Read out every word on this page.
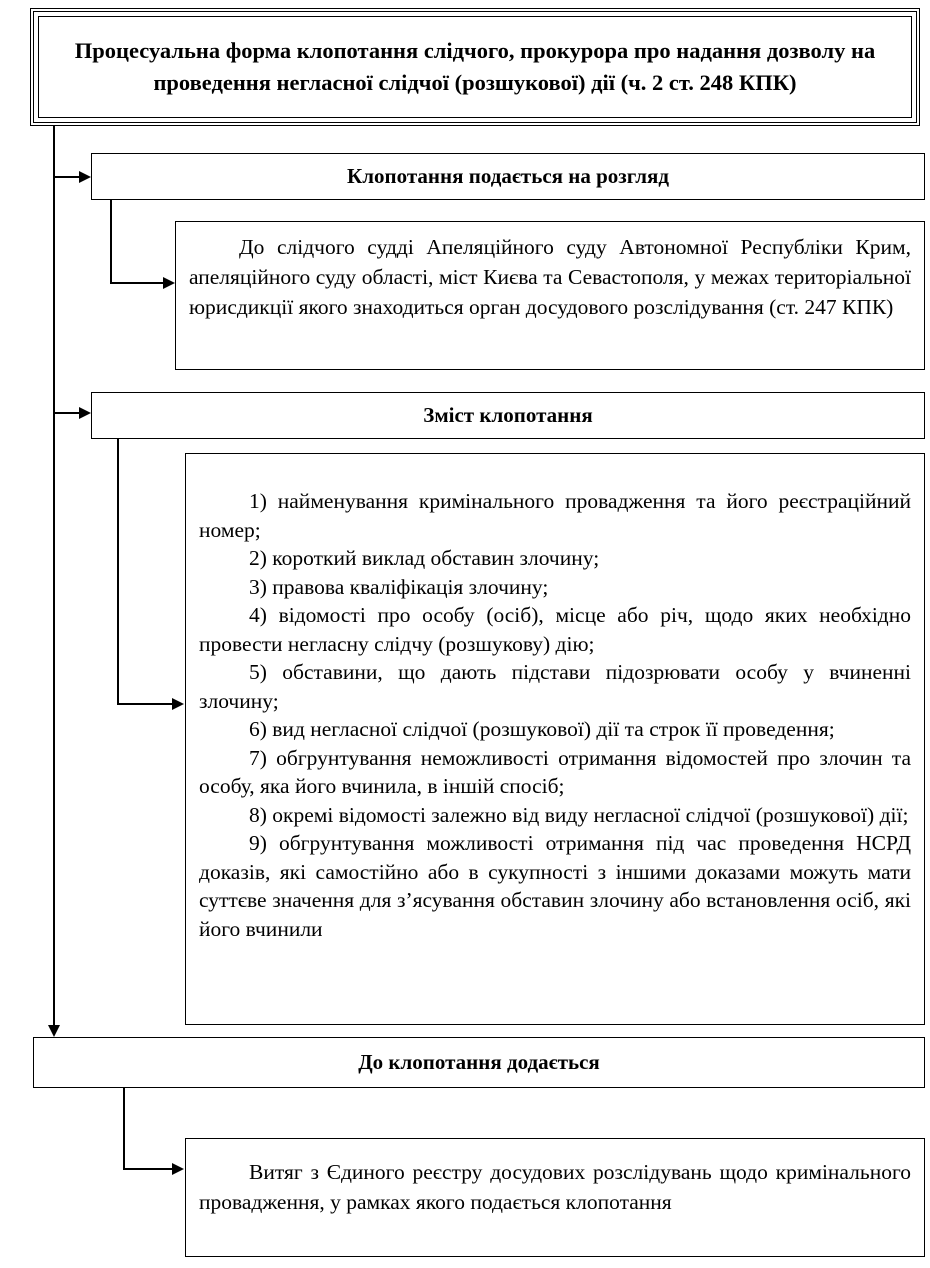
Процесуальна форма клопотання слідчого, прокурора про надання дозволу на проведення негласної слідчої (розшукової) дії (ч. 2 ст. 248 КПК)
Клопотання подається на розгляд

До слідчого судді Апеляційного суду Автономної Республіки Крим, апеляційного суду області, міст Києва та Севастополя, у межах територіальної юрисдикції якого знаходиться орган досудового розслідування (ст. 247 КПК)

Зміст клопотання

1) найменування кримінального провадження та його реєстраційний номер;

2) короткий виклад обставин злочину;

3) правова кваліфікація злочину;

4) відомості про особу (осіб), місце або річ, щодо яких необхідно провести негласну слідчу (розшукову) дію;

5) обставини, що дають підстави підозрювати особу у вчиненні злочину;

6) вид негласної слідчої (розшукової) дії та строк її проведення;

7) обгрунтування неможливості отримання відомостей про злочин та особу, яка його вчинила, в іншій спосіб;

8) окремі відомості залежно від виду негласної слідчої (розшукової) дії;

9) обгрунтування можливості отримання під час проведення НСРД доказів, які самостійно або в сукупності з іншими доказами можуть мати суттєве значення для з’ясування обставин злочину або встановлення осіб, які його вчинили

До клопотання додається

Витяг з Єдиного реєстру досудових розслідувань щодо кримінального провадження, у рамках якого подається клопотання
